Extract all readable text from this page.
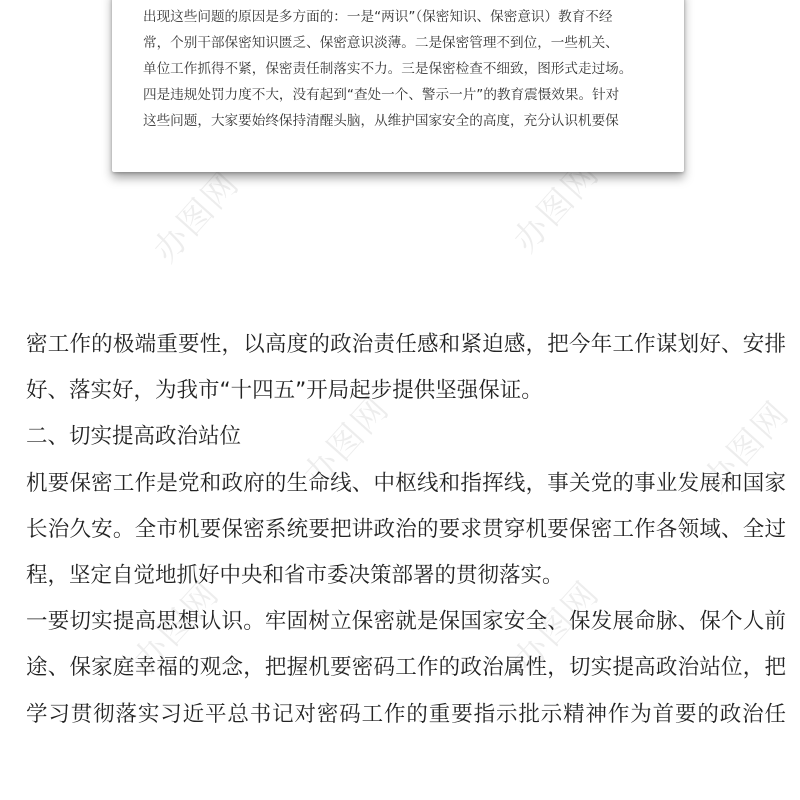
办图网	办图网
办图网
办图网	办图网
办图网
出现这些问题的原因是多方面的：一是“两识”（保密知识、保密意识）教育不经
常，个别干部保密知识匮乏、保密意识淡薄。二是保密管理不到位，一些机关、
单位工作抓得不紧，保密责任制落实不力。三是保密检查不细致，图形式走过场。
四是违规处罚力度不大，没有起到“查处一个、警示一片”的教育震慑效果。针对
这些问题，大家要始终保持清醒头脑，从维护国家安全的高度，充分认识机要保
密工作的极端重要性，以高度的政治责任感和紧迫感，把今年工作谋划好、安排
好、落实好，为我市“十四五”开局起步提供坚强保证。
二、切实提高政治站位
机要保密工作是党和政府的生命线、中枢线和指挥线，事关党的事业发展和国家
长治久安。全市机要保密系统要把讲政治的要求贯穿机要保密工作各领域、全过
程，坚定自觉地抓好中央和省市委决策部署的贯彻落实。
一要切实提高思想认识。牢固树立保密就是保国家安全、保发展命脉、保个人前
途、保家庭幸福的观念，把握机要密码工作的政治属性，切实提高政治站位，把
学习贯彻落实习近平总书记对密码工作的重要指示批示精神作为首要的政治任
